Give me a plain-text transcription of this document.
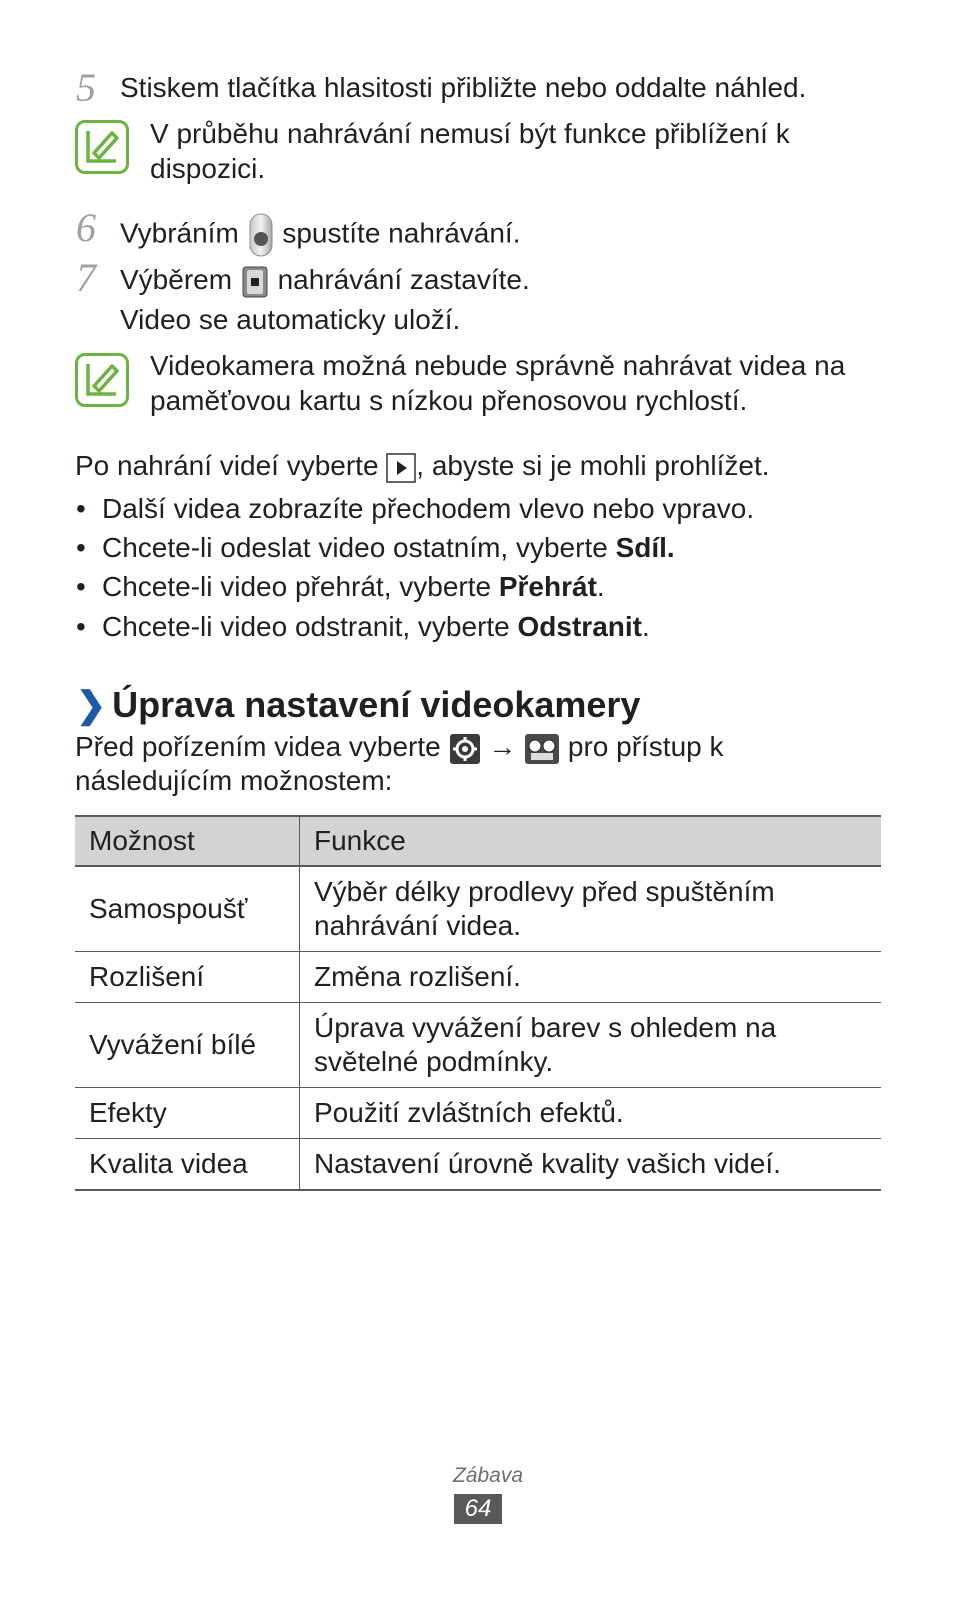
5 Stiskem tlačítka hlasitosti přibližte nebo oddalte náhled.
V průběhu nahrávání nemusí být funkce přiblížení k
dispozici.
6 Vybráním spustíte nahrávání.
7 Výběrem nahrávání zastavíte.
Video se automaticky uloží.
Videokamera možná nebude správně nahrávat videa na
paměťovou kartu s nízkou přenosovou rychlostí.
Po nahrání videí vyberte , abyste si je mohli prohlížet.
• Další videa zobrazíte přechodem vlevo nebo vpravo.
• Chcete-li odeslat video ostatním, vyberte Sdíl.
• Chcete-li video přehrát, vyberte Přehrát.
• Chcete-li video odstranit, vyberte Odstranit.
❯ Úprava nastavení videokamery
Před pořízením videa vyberte → pro přístup k
následujícím možnostem:
Možnost	Funkce
Samospoušť	Výběr délky prodlevy před spuštěním
nahrávání videa.

Rozlišení	Změna rozlišení.
Vyvážení bílé	Úprava vyvážení barev s ohledem na
světelné podmínky.

Efekty	Použití zvláštních efektů.
Kvalita videa	Nastavení úrovně kvality vašich videí.
Zábava
64
